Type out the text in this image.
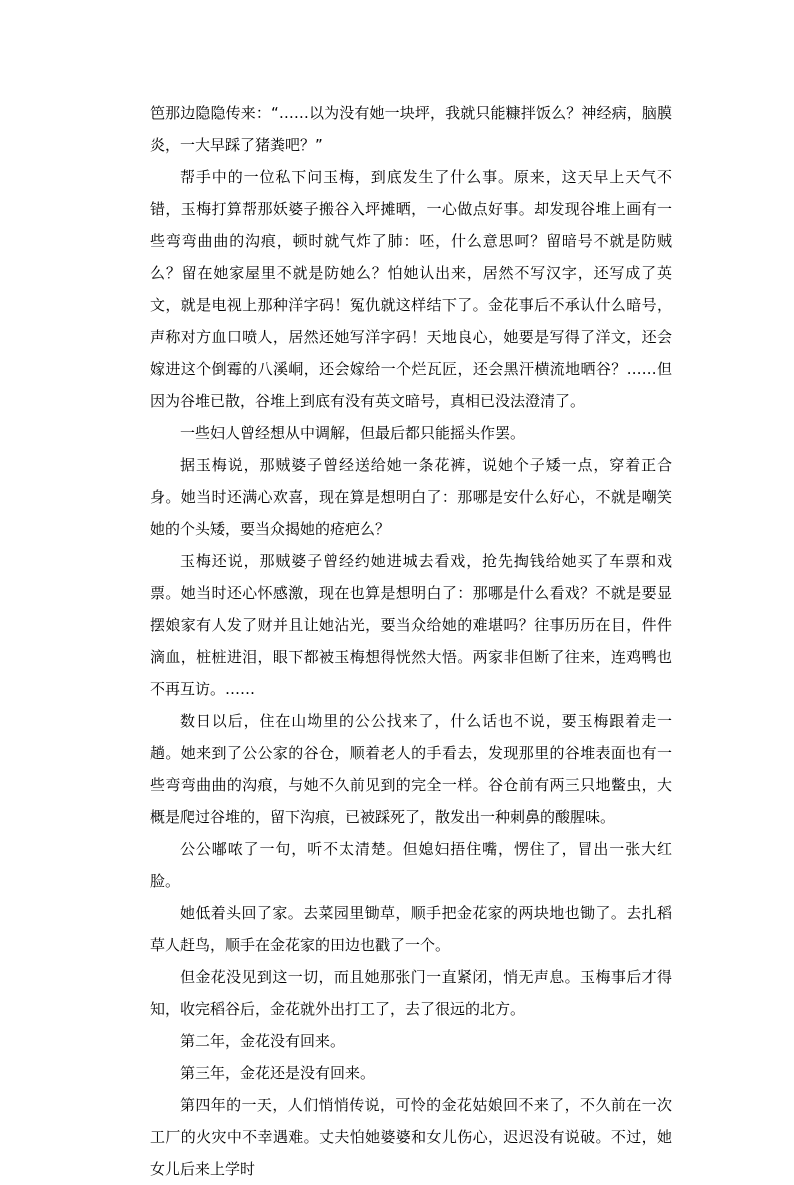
笆那边隐隐传来：“……以为没有她一块坪，我就只能糠拌饭么？神经病，脑膜炎，一大早踩了猪粪吧？”

帮手中的一位私下问玉梅，到底发生了什么事。原来，这天早上天气不错，玉梅打算帮那妖婆子搬谷入坪摊晒，一心做点好事。却发现谷堆上画有一些弯弯曲曲的沟痕，顿时就气炸了肺：呸，什么意思呵？留暗号不就是防贼么？留在她家屋里不就是防她么？怕她认出来，居然不写汉字，还写成了英文，就是电视上那种洋字码！冤仇就这样结下了。金花事后不承认什么暗号，声称对方血口喷人，居然还她写洋字码！天地良心，她要是写得了洋文，还会嫁进这个倒霉的八溪峒，还会嫁给一个烂瓦匠，还会黑汗横流地晒谷？……但因为谷堆已散，谷堆上到底有没有英文暗号，真相已没法澄清了。

一些妇人曾经想从中调解，但最后都只能摇头作罢。

据玉梅说，那贼婆子曾经送给她一条花裤，说她个子矮一点，穿着正合身。她当时还满心欢喜，现在算是想明白了：那哪是安什么好心，不就是嘲笑她的个头矮，要当众揭她的疮疤么？

玉梅还说，那贼婆子曾经约她进城去看戏，抢先掏钱给她买了车票和戏票。她当时还心怀感激，现在也算是想明白了：那哪是什么看戏？不就是要显摆娘家有人发了财并且让她沾光，要当众给她的难堪吗？往事历历在目，件件滴血，桩桩进泪，眼下都被玉梅想得恍然大悟。两家非但断了往来，连鸡鸭也不再互访。……

数日以后，住在山坳里的公公找来了，什么话也不说，要玉梅跟着走一趟。她来到了公公家的谷仓，顺着老人的手看去，发现那里的谷堆表面也有一些弯弯曲曲的沟痕，与她不久前见到的完全一样。谷仓前有两三只地鳖虫，大概是爬过谷堆的，留下沟痕，已被踩死了，散发出一种刺鼻的酸腥味。

公公嘟哝了一句，听不太清楚。但媳妇捂住嘴，愣住了，冒出一张大红脸。

她低着头回了家。去菜园里锄草，顺手把金花家的两块地也锄了。去扎稻草人赶鸟，顺手在金花家的田边也戳了一个。

但金花没见到这一切，而且她那张门一直紧闭，悄无声息。玉梅事后才得知，收完稻谷后，金花就外出打工了，去了很远的北方。

第二年，金花没有回来。

第三年，金花还是没有回来。

第四年的一天，人们悄悄传说，可怜的金花姑娘回不来了，不久前在一次工厂的火灾中不幸遇难。丈夫怕她婆婆和女儿伤心，迟迟没有说破。不过，她女儿后来上学时
